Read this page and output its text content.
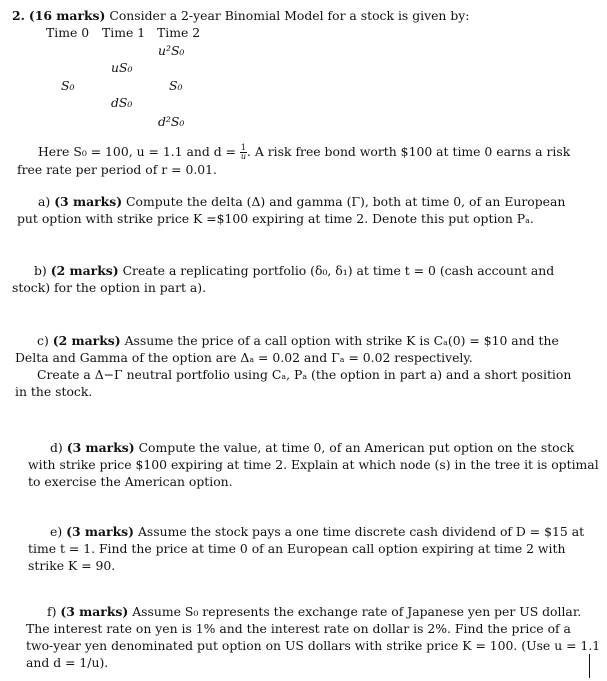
2. (16 marks) Consider a 2-year Binomial Model for a stock is given by:
Time 0 Time 1 Time 2
u²S₀
uS₀
S₀	S₀
dS₀
d²S₀
Here S₀ = 100, u = 1.1 and $d = \frac{1}{u}$ . A risk free bond worth $100 at time 0 earns a risk
free rate per period of r = 0.01.
a) (3 marks) Compute the delta (Δ) and gamma (Γ), both at time 0, of an European
put option with strike price K =$100 expiring at time 2. Denote this put option Pₐ.
b) (2 marks) Create a replicating portfolio (δ₀, δ₁) at time t = 0 (cash account and
stock) for the option in part a).
c) (2 marks) Assume the price of a call option with strike K is Cₐ(0) = $10 and the
Delta and Gamma of the option are Δₐ = 0.02 and Γₐ = 0.02 respectively.
Create a Δ−Γ neutral portfolio using Cₐ, Pₐ (the option in part a) and a short position
in the stock.
d) (3 marks) Compute the value, at time 0, of an American put option on the stock
with strike price $100 expiring at time 2. Explain at which node (s) in the tree it is optimal
to exercise the American option.
e) (3 marks) Assume the stock pays a one time discrete cash dividend of D = $15 at
time t = 1. Find the price at time 0 of an European call option expiring at time 2 with
strike K = 90.
f) (3 marks) Assume S₀ represents the exchange rate of Japanese yen per US dollar.
The interest rate on yen is 1% and the interest rate on dollar is 2%. Find the price of a
two-year yen denominated put option on US dollars with strike price K = 100. (Use u = 1.1
and d = 1/u).
